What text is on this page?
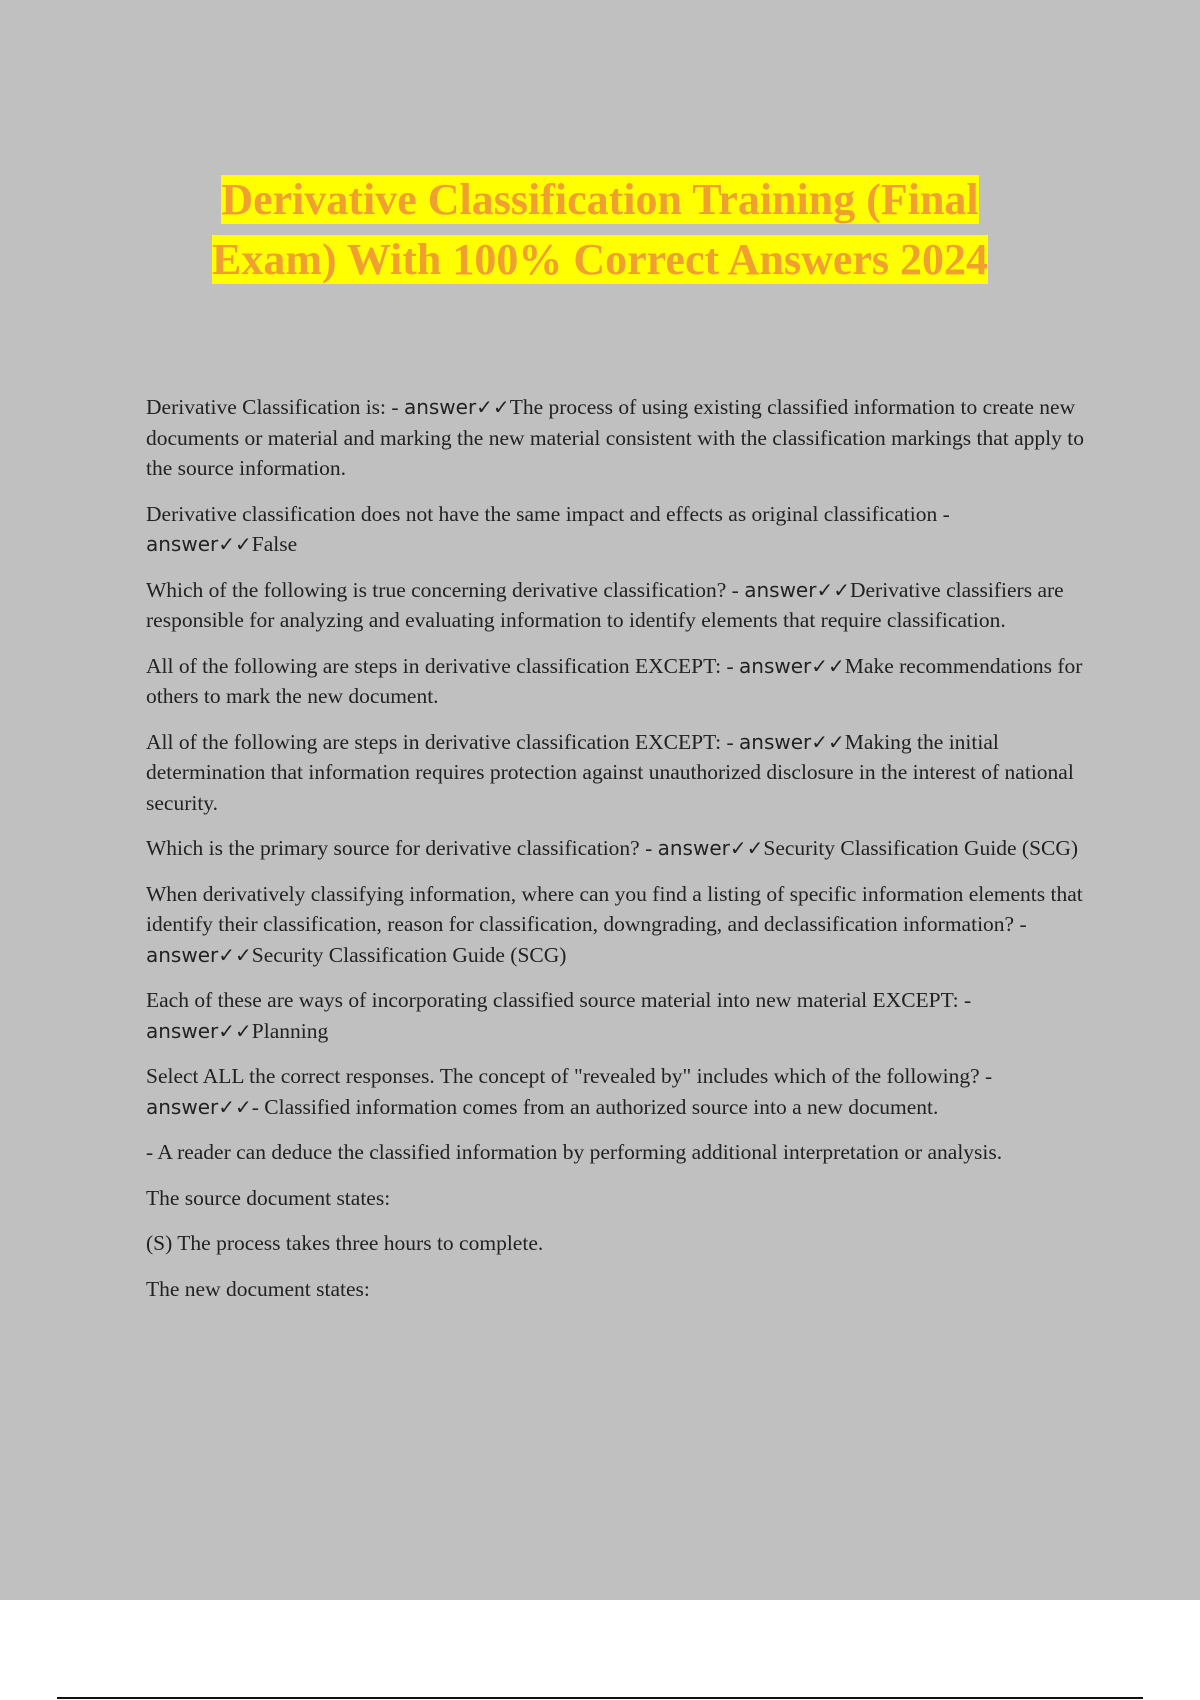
Derivative Classification Training (Final
Exam) With 100% Correct Answers 2024

Derivative Classification is: - answer✓✓The process of using existing classified information to create new documents or material and marking the new material consistent with the classification markings that apply to the source information.

Derivative classification does not have the same impact and effects as original classification - answer✓✓False

Which of the following is true concerning derivative classification? - answer✓✓Derivative classifiers are responsible for analyzing and evaluating information to identify elements that require classification.

All of the following are steps in derivative classification EXCEPT: - answer✓✓Make recommendations for others to mark the new document.

All of the following are steps in derivative classification EXCEPT: - answer✓✓Making the initial determination that information requires protection against unauthorized disclosure in the interest of national security.

Which is the primary source for derivative classification? - answer✓✓Security Classification Guide (SCG)

When derivatively classifying information, where can you find a listing of specific information elements that identify their classification, reason for classification, downgrading, and declassification information? - answer✓✓Security Classification Guide (SCG)

Each of these are ways of incorporating classified source material into new material EXCEPT: - answer✓✓Planning

Select ALL the correct responses. The concept of "revealed by" includes which of the following? - answer✓✓- Classified information comes from an authorized source into a new document.

- A reader can deduce the classified information by performing additional interpretation or analysis.

The source document states:

(S) The process takes three hours to complete.

The new document states:
